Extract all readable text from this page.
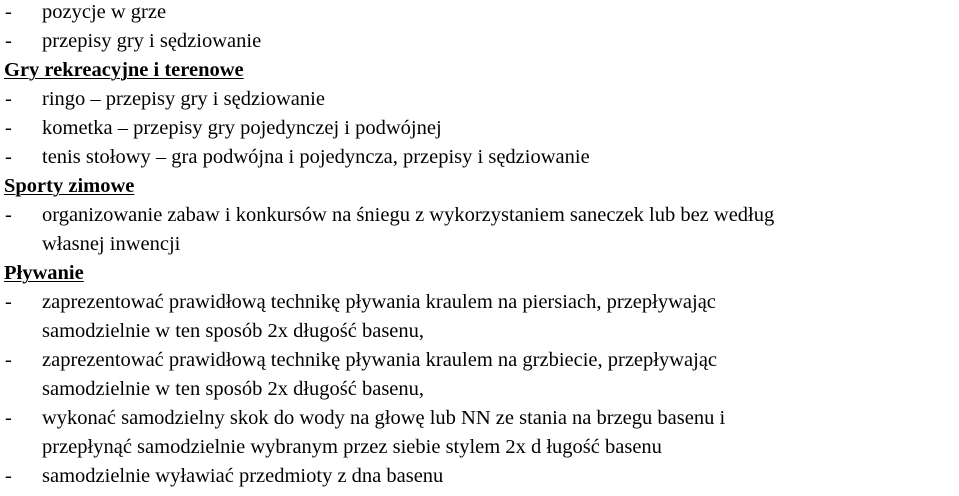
- pozycje w grze
- przepisy gry i sędziowanie
Gry rekreacyjne i terenowe
- ringo – przepisy gry i sędziowanie
- kometka – przepisy gry pojedynczej i podwójnej
- tenis stołowy – gra podwójna i pojedyncza, przepisy i sędziowanie
Sporty zimowe
- organizowanie zabaw i konkursów na śniegu z wykorzystaniem saneczek lub bez według
własnej inwencji
Pływanie
- zaprezentować prawidłową technikę pływania kraulem na piersiach, przepływając
samodzielnie w ten sposób 2x długość basenu,
- zaprezentować prawidłową technikę pływania kraulem na grzbiecie, przepływając
samodzielnie w ten sposób 2x długość basenu,
- wykonać samodzielny skok do wody na głowę lub NN ze stania na brzegu basenu i
przepłynąć samodzielnie wybranym przez siebie stylem 2x d ługość basenu
- samodzielnie wyławiać przedmioty z dna basenu
